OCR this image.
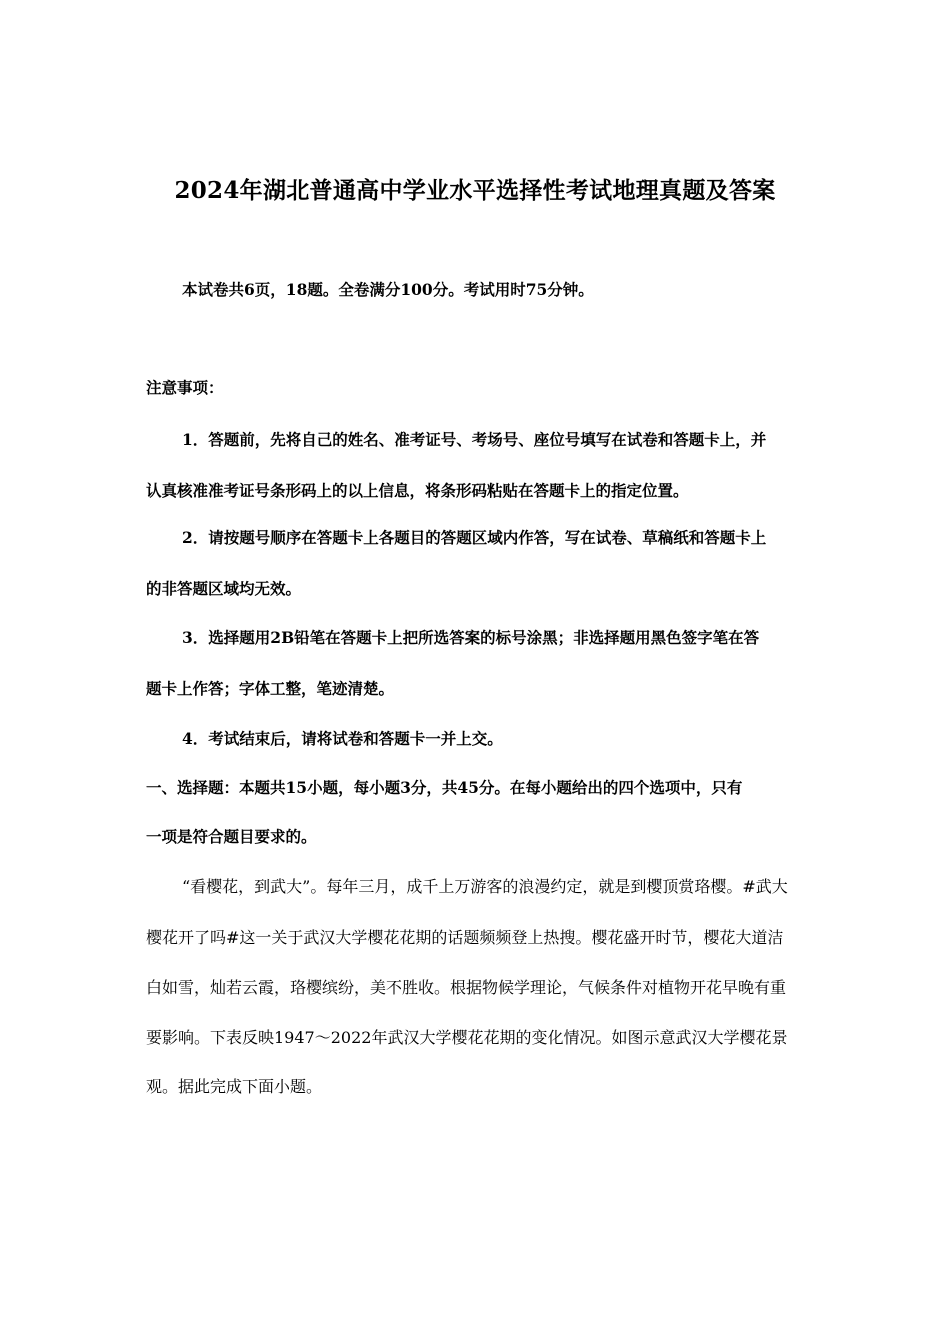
2024年湖北普通高中学业水平选择性考试地理真题及答案
本试卷共6页，18题。全卷满分100分。考试用时75分钟。
注意事项：
1．答题前，先将自己的姓名、准考证号、考场号、座位号填写在试卷和答题卡上，并
认真核准准考证号条形码上的以上信息，将条形码粘贴在答题卡上的指定位置。
2．请按题号顺序在答题卡上各题目的答题区域内作答，写在试卷、草稿纸和答题卡上
的非答题区域均无效。
3．选择题用2B铅笔在答题卡上把所选答案的标号涂黑；非选择题用黑色签字笔在答
题卡上作答；字体工整，笔迹清楚。
4．考试结束后，请将试卷和答题卡一并上交。
一、选择题：本题共15小题，每小题3分，共45分。在每小题给出的四个选项中，只有
一项是符合题目要求的。
“看樱花，到武大”。每年三月，成千上万游客的浪漫约定，就是到樱顶赏珞樱。#武大
樱花开了吗#这一关于武汉大学樱花花期的话题频频登上热搜。樱花盛开时节，樱花大道洁
白如雪，灿若云霞，珞樱缤纷，美不胜收。根据物候学理论，气候条件对植物开花早晚有重
要影响。下表反映1947～2022年武汉大学樱花花期的变化情况。如图示意武汉大学樱花景
观。据此完成下面小题。
